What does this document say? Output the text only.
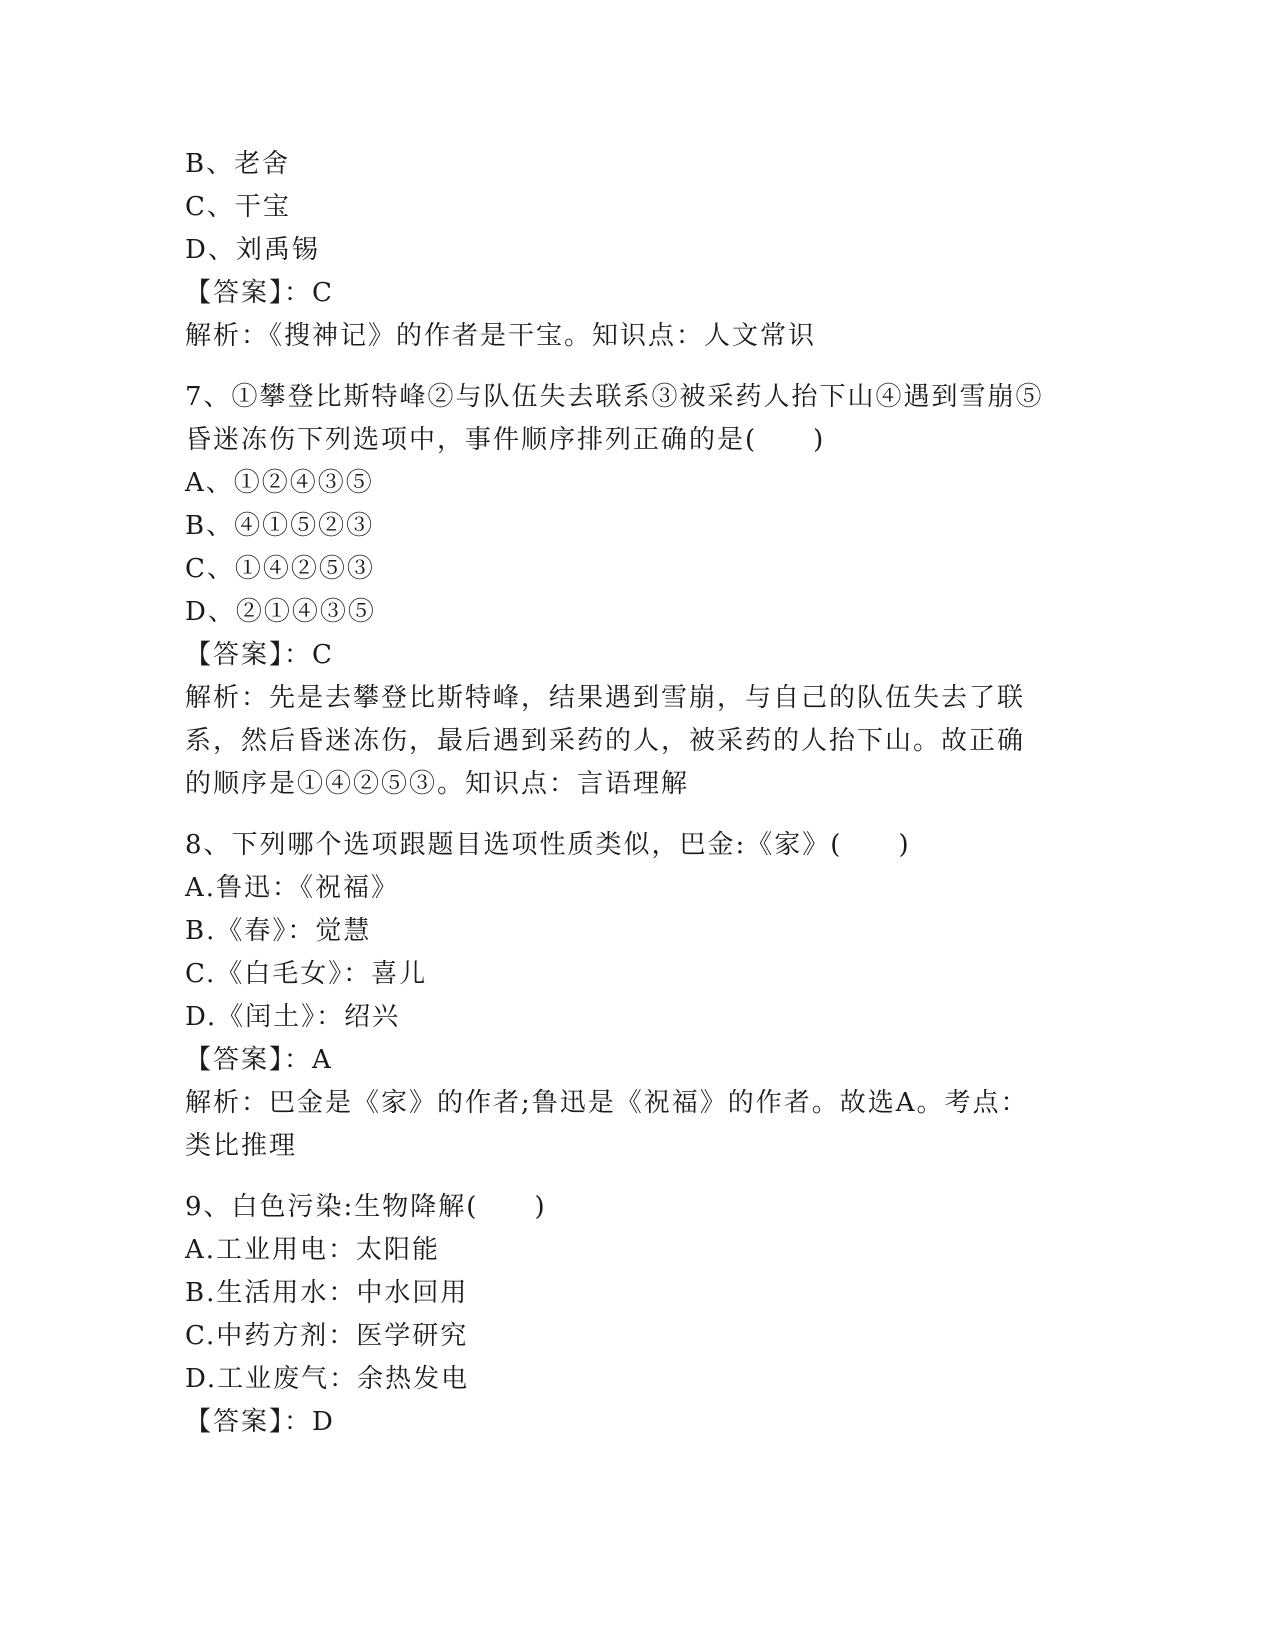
B、老舍
C、干宝
D、刘禹锡
【答案】：C
解析：《搜神记》的作者是干宝。知识点：人文常识
7、①攀登比斯特峰②与队伍失去联系③被采药人抬下山④遇到雪崩⑤
昏迷冻伤下列选项中，事件顺序排列正确的是(　　)
A、①②④③⑤
B、④①⑤②③
C、①④②⑤③
D、②①④③⑤
【答案】：C
解析：先是去攀登比斯特峰，结果遇到雪崩，与自己的队伍失去了联
系，然后昏迷冻伤，最后遇到采药的人，被采药的人抬下山。故正确
的顺序是①④②⑤③。知识点：言语理解
8、下列哪个选项跟题目选项性质类似，巴金:《家》(　　)
A.鲁迅：《祝福》
B.《春》：觉慧
C.《白毛女》：喜儿
D.《闰土》：绍兴
【答案】：A
解析：巴金是《家》的作者;鲁迅是《祝福》的作者。故选A。考点：
类比推理
9、白色污染:生物降解(　　)
A.工业用电：太阳能
B.生活用水：中水回用
C.中药方剂：医学研究
D.工业废气：余热发电
【答案】：D
